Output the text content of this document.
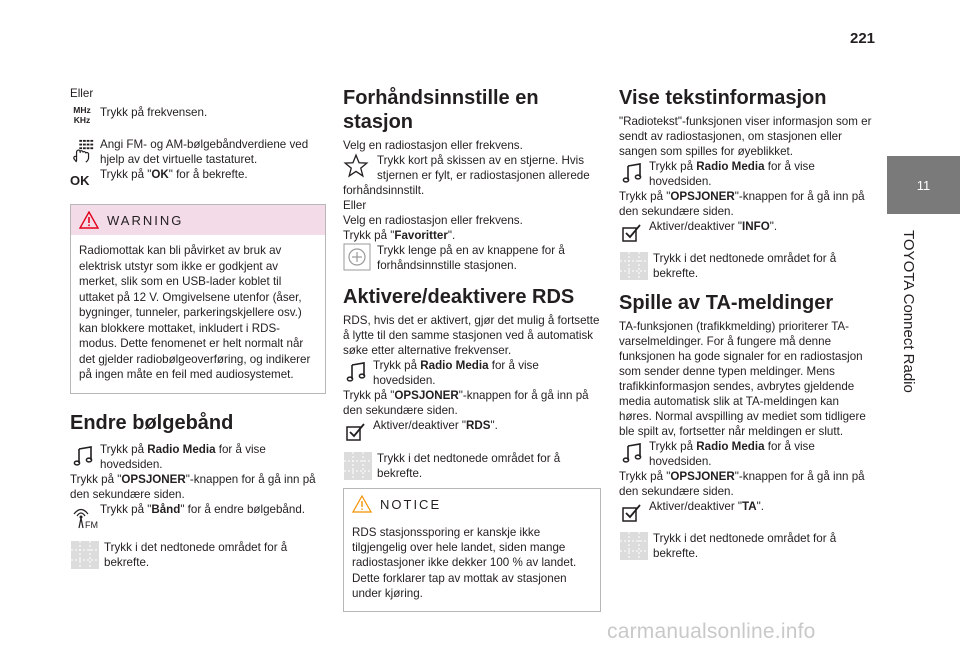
221
11
TOYOTA Connect Radio

Eller

MHz
KHz
Trykk på frekvensen.
Angi FM- og AM-bølgebåndverdiene ved hjelp av det virtuelle tastaturet.
OK Trykk på "OK" for å bekrefte.
WARNING
Radiomottak kan bli påvirket av bruk av elektrisk utstyr som ikke er godkjent av merket, slik som en USB-lader koblet til uttaket på 12 V. Omgivelsene utenfor (åser, bygninger, tunneler, parkeringskjellere osv.) kan blokkere mottaket, inkludert i RDS-modus. Dette fenomenet er helt normalt når det gjelder radiobølgeoverføring, og indikerer på ingen måte en feil med audiosystemet.
Endre bølgebånd
Trykk på Radio Media for å vise hovedsiden.

Trykk på "OPSJONER"-knappen for å gå inn på den sekundære siden.

FM
Trykk på "Bånd" for å endre bølgebånd.
Trykk i det nedtonede området for å bekrefte.
Forhåndsinnstille en stasjon

Velg en radiostasjon eller frekvens.

Trykk kort på skissen av en stjerne. Hvis stjernen er fylt, er radiostasjonen allerede forhåndsinnstilt.

Eller

Velg en radiostasjon eller frekvens.

Trykk på "Favoritter".

Trykk lenge på en av knappene for å forhåndsinnstille stasjonen.
Aktivere/deaktivere RDS

RDS, hvis det er aktivert, gjør det mulig å fortsette å lytte til den samme stasjonen ved å automatisk søke etter alternative frekvenser.

Trykk på Radio Media for å vise hovedsiden.

Trykk på "OPSJONER"-knappen for å gå inn på den sekundære siden.

Aktiver/deaktiver "RDS".
Trykk i det nedtonede området for å bekrefte.
NOTICE
RDS stasjonssporing er kanskje ikke tilgjengelig over hele landet, siden mange radiostasjoner ikke dekker 100 % av landet. Dette forklarer tap av mottak av stasjonen under kjøring.
Vise tekstinformasjon

"Radiotekst"-funksjonen viser informasjon som er sendt av radiostasjonen, om stasjonen eller sangen som spilles for øyeblikket.

Trykk på Radio Media for å vise hovedsiden.

Trykk på "OPSJONER"-knappen for å gå inn på den sekundære siden.

Aktiver/deaktiver "INFO".
Trykk i det nedtonede området for å bekrefte.
Spille av TA-meldinger

TA-funksjonen (trafikkmelding) prioriterer TA-varselmeldinger. For å fungere må denne funksjonen ha gode signaler for en radiostasjon som sender denne typen meldinger. Mens trafikkinformasjon sendes, avbrytes gjeldende media automatisk slik at TA-meldingen kan høres. Normal avspilling av mediet som tidligere ble spilt av, fortsetter når meldingen er slutt.

Trykk på Radio Media for å vise hovedsiden.

Trykk på "OPSJONER"-knappen for å gå inn på den sekundære siden.

Aktiver/deaktiver "TA".
Trykk i det nedtonede området for å bekrefte.
carmanualsonline.info
